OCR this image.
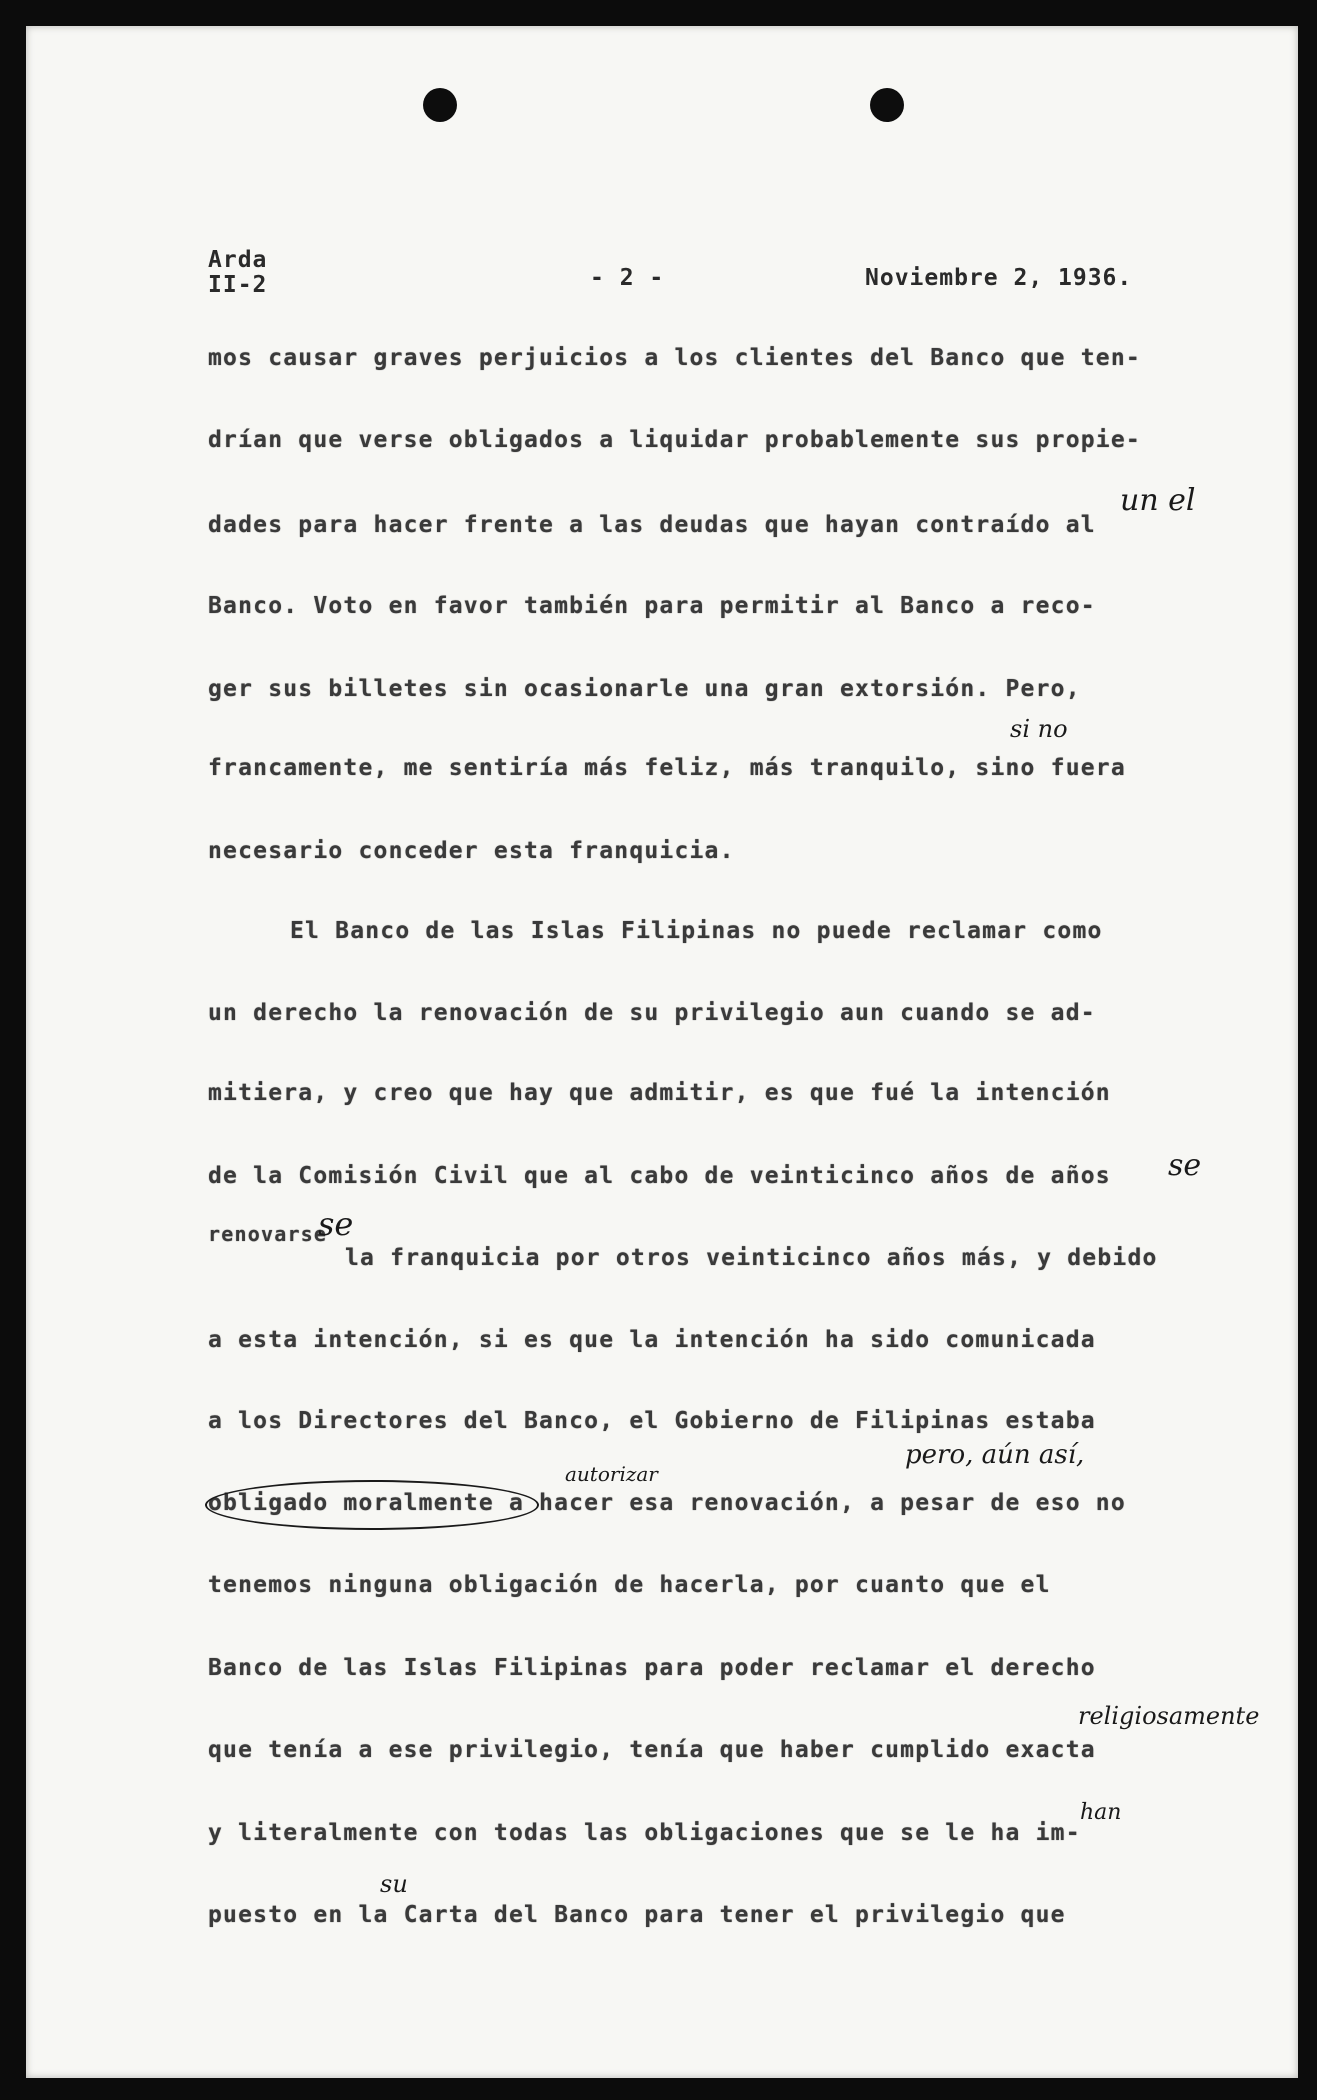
Arda
II-2	- 2 -	Noviembre 2, 1936.
mos causar graves perjuicios a los clientes del Banco que ten-
drían que verse obligados a liquidar probablemente sus propie-
dades para hacer frente a las deudas que hayan contraído al
Banco. Voto en favor también para permitir al Banco a reco-
ger sus billetes sin ocasionarle una gran extorsión. Pero,
francamente, me sentiría más feliz, más tranquilo, sino fuera
necesario conceder esta franquicia.
El Banco de las Islas Filipinas no puede reclamar como
un derecho la renovación de su privilegio aun cuando se ad-
mitiera, y creo que hay que admitir, es que fué la intención
de la Comisión Civil que al cabo de veinticinco años de años
renovarse
la franquicia por otros veinticinco años más, y debido
a esta intención, si es que la intención ha sido comunicada
a los Directores del Banco, el Gobierno de Filipinas estaba
obligado moralmente a hacer esa renovación, a pesar de eso no
tenemos ninguna obligación de hacerla, por cuanto que el
Banco de las Islas Filipinas para poder reclamar el derecho
que tenía a ese privilegio, tenía que haber cumplido exacta
y literalmente con todas las obligaciones que se le ha im-
puesto en la Carta del Banco para tener el privilegio que
un el
si no
se
se
autorizar
pero, aún así,
religiosamente
han
su
